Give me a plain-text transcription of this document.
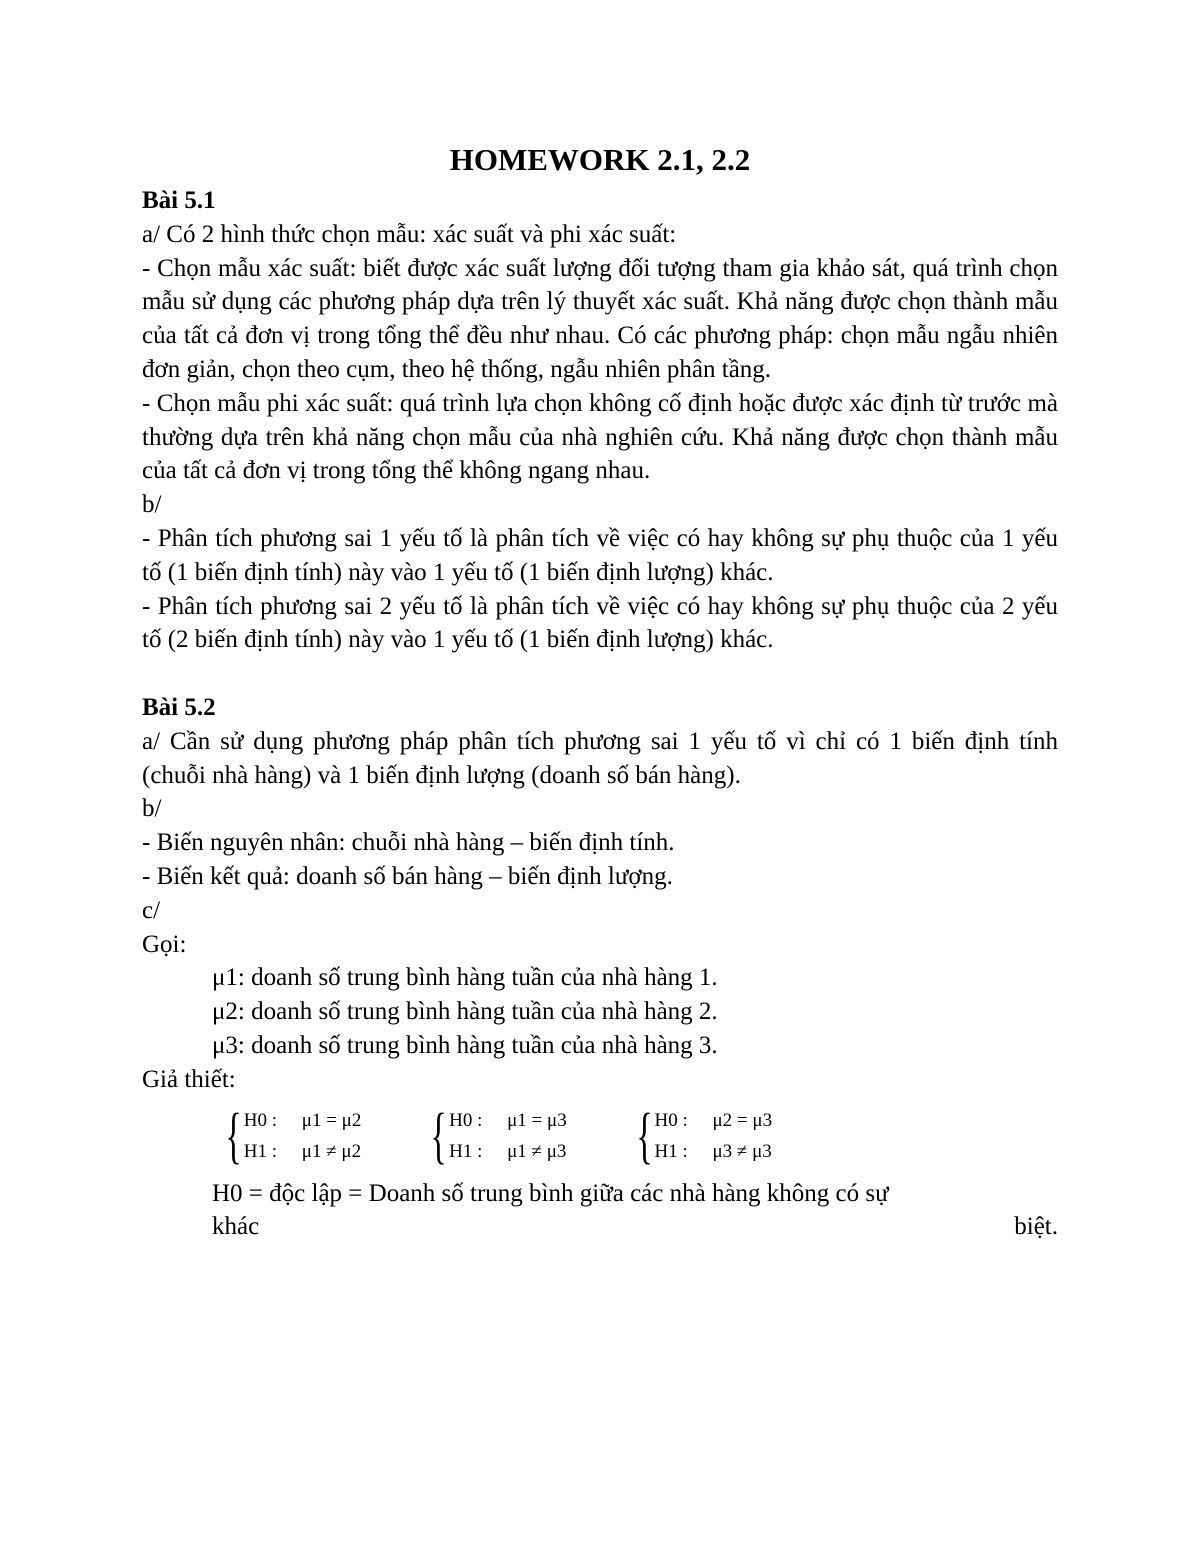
HOMEWORK 2.1, 2.2
Bài 5.1
a/ Có 2 hình thức chọn mẫu: xác suất và phi xác suất:
- Chọn mẫu xác suất: biết được xác suất lượng đối tượng tham gia khảo sát, quá trình chọn mẫu sử dụng các phương pháp dựa trên lý thuyết xác suất. Khả năng được chọn thành mẫu của tất cả đơn vị trong tổng thể đều như nhau. Có các phương pháp: chọn mẫu ngẫu nhiên đơn giản, chọn theo cụm, theo hệ thống, ngẫu nhiên phân tầng.
- Chọn mẫu phi xác suất: quá trình lựa chọn không cố định hoặc được xác định từ trước mà thường dựa trên khả năng chọn mẫu của nhà nghiên cứu. Khả năng được chọn thành mẫu của tất cả đơn vị trong tổng thể không ngang nhau.
b/
- Phân tích phương sai 1 yếu tố là phân tích về việc có hay không sự phụ thuộc của 1 yếu tố (1 biến định tính) này vào 1 yếu tố (1 biến định lượng) khác.
- Phân tích phương sai 2 yếu tố là phân tích về việc có hay không sự phụ thuộc của 2 yếu tố (2 biến định tính) này vào 1 yếu tố (1 biến định lượng) khác.
Bài 5.2
a/ Cần sử dụng phương pháp phân tích phương sai 1 yếu tố vì chỉ có 1 biến định tính (chuỗi nhà hàng) và 1 biến định lượng (doanh số bán hàng).
b/
- Biến nguyên nhân: chuỗi nhà hàng – biến định tính.
- Biến kết quả: doanh số bán hàng – biến định lượng.
c/
Gọi:
μ1: doanh số trung bình hàng tuần của nhà hàng 1.
μ2: doanh số trung bình hàng tuần của nhà hàng 2.
μ3: doanh số trung bình hàng tuần của nhà hàng 3.
Giả thiết:
{ H0 : μ1 = μ2
H1 : μ1 ≠ μ2 { H0 : μ1 = μ3
H1 : μ1 ≠ μ3 { H0 : μ2 = μ3
H1 : μ3 ≠ μ3
H0 = độc lập = Doanh số trung bình giữa các nhà hàng không có sự
khác	biệt.
